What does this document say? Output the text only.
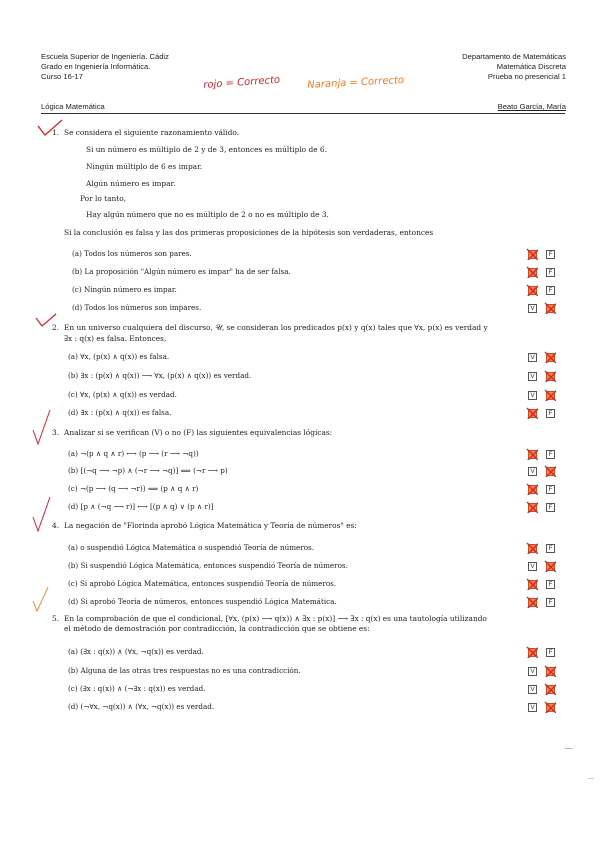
Escuela Superior de Ingeniería. Cádiz
Grado en Ingeniería Informática.
Curso 16-17
Departamento de Matemáticas
Matemática Discreta
Prueba no presencial 1
Lógica Matemática	Beato García, María
rojo = Correcto	Naranja = Correcto
1. Se considera el siguiente razonamiento válido.
Si un número es múltiplo de 2 y de 3, entonces es múltiplo de 6.
Ningún múltiplo de 6 es impar.
Algún número es impar.
Por lo tanto,
Hay algún número que no es múltiplo de 2 o no es múltiplo de 3.
Si la conclusión es falsa y las dos primeras proposiciones de la hipótesis son verdaderas, entonces
(a) Todos los números son pares.
(b) La proposición "Algún número es impar" ha de ser falsa.
(c) Ningún número es impar.
(d) Todos los números son impares.
2. En un universo cualquiera del discurso, 𝒰, se consideran los predicados p(x) y q(x) tales que ∀x, p(x) es verdad y
∃x : q(x) es falsa. Entonces,
(a) ∀x, (p(x) ∧ q(x)) es falsa.
(b) ∃x : (p(x) ∧ q(x)) ⟶ ∀x, (p(x) ∧ q(x)) es verdad.
(c) ∀x, (p(x) ∧ q(x)) es verdad.
(d) ∃x : (p(x) ∧ q(x)) es falsa.
3. Analizar si se verifican (V) o no (F) las siguientes equivalencias lógicas:
(a) ¬(p ∧ q ∧ r) ⟷ (p ⟶ (r ⟶ ¬q))
(b) [(¬q ⟶ ¬p) ∧ (¬r ⟶ ¬q)] ⟺ (¬r ⟶ p)
(c) ¬(p ⟶ (q ⟶ ¬r)) ⟺ (p ∧ q ∧ r)
(d) [p ∧ (¬q ⟶ r)] ⟷ [(p ∧ q) ∨ (p ∧ r)]
4. La negación de "Florinda aprobó Lógica Matemática y Teoría de números" es:
(a) o suspendió Lógica Matemática o suspendió Teoría de números.
(b) Si suspendió Lógica Matemática, entonces suspendió Teoría de números.
(c) Si aprobó Lógica Matemática, entonces suspendió Teoría de números.
(d) Si aprobó Teoría de números, entonces suspendió Lógica Matemática.
5. En la comprobación de que el condicional, [∀x, (p(x) ⟶ q(x)) ∧ ∃x : p(x)] ⟶ ∃x : q(x) es una tautología utilizando
el método de demostración por contradicción, la contradicción que se obtiene es:
(a) (∃x : q(x)) ∧ (∀x, ¬q(x)) es verdad.
(b) Alguna de las otras tres respuestas no es una contradicción.
(c) (∃x : q(x)) ∧ (¬∃x : q(x)) es verdad.
(d) (¬∀x, ¬q(x)) ∧ (∀x, ¬q(x)) es verdad.
F
F
F
V
V
V
V
F
F
V
F
F
F
V
F
F
F
V
V
V
